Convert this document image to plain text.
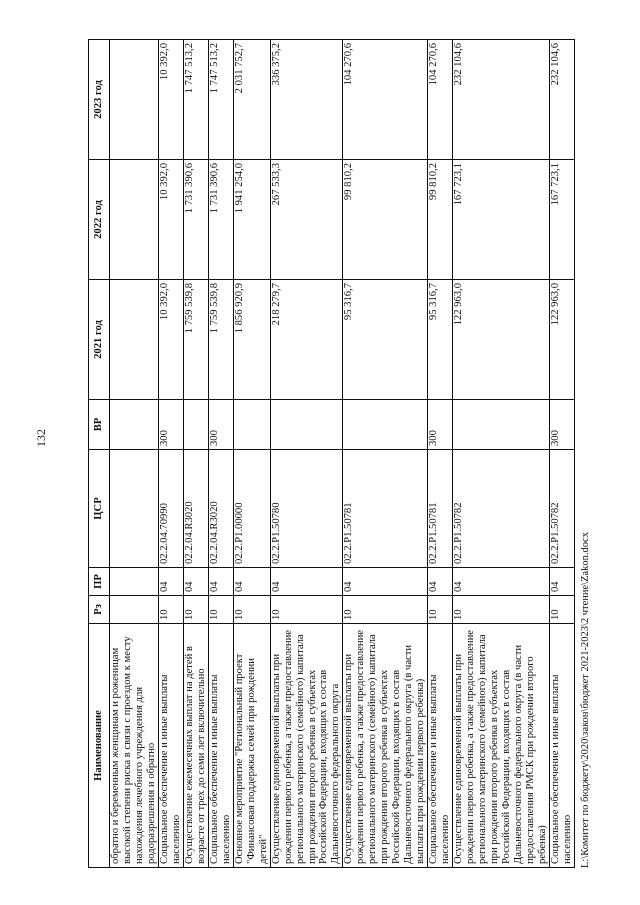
132
Наименование	Рз	ПР	ЦСР	ВР	2021 год	2022 год	2023 год
обратно и беременным женщинам и роженицам высокой степени риска в связи с проездом к месту нахождения лечебного учреждения для родоразрешения и обратно							
Социальное обеспечение и иные выплаты населению	10	04	02.2.04.70990	300	10 392,0	10 392,0	10 392,0
Осуществление ежемесячных выплат на детей в возрасте от трех до семи лет включительно	10	04	02.2.04.R3020		1 759 539,8	1 731 390,6	1 747 513,2
Социальное обеспечение и иные выплаты населению	10	04	02.2.04.R3020	300	1 759 539,8	1 731 390,6	1 747 513,2
Основное мероприятие "Региональный проект "Финансовая поддержка семей при рождении детей"	10	04	02.2.P1.00000		1 856 920,9	1 941 254,0	2 031 752,7
Осуществление единовременной выплаты при рождении первого ребенка, а также предоставление регионального материнского (семейного) капитала при рождении второго ребенка в субъектах Российской Федерации, входящих в состав Дальневосточного федерального округа	10	04	02.2.P1.50780		218 279,7	267 533,3	336 375,2
Осуществление единовременной выплаты при рождении первого ребенка, а также предоставление регионального материнского (семейного) капитала при рождении второго ребенка в субъектах Российской Федерации, входящих в состав Дальневосточного федерального округа (в части выплаты при рождении первого ребенка)	10	04	02.2.P1.50781		95 316,7	99 810,2	104 270,6
Социальное обеспечение и иные выплаты населению	10	04	02.2.P1.50781	300	95 316,7	99 810,2	104 270,6
Осуществление единовременной выплаты при рождении первого ребенка, а также предоставление регионального материнского (семейного) капитала при рождении второго ребенка в субъектах Российской Федерации, входящих в состав Дальневосточного федерального округа (в части предоставления РМСК при рождении второго ребенка)	10	04	02.2.P1.50782		122 963,0	167 723,1	232 104,6
Социальное обеспечение и иные выплаты населению	10	04	02.2.P1.50782	300	122 963,0	167 723,1	232 104,6
L:\Комитет по бюджету\2020\закон\бюджет 2021-2023\2 чтение\Zakon.docx
